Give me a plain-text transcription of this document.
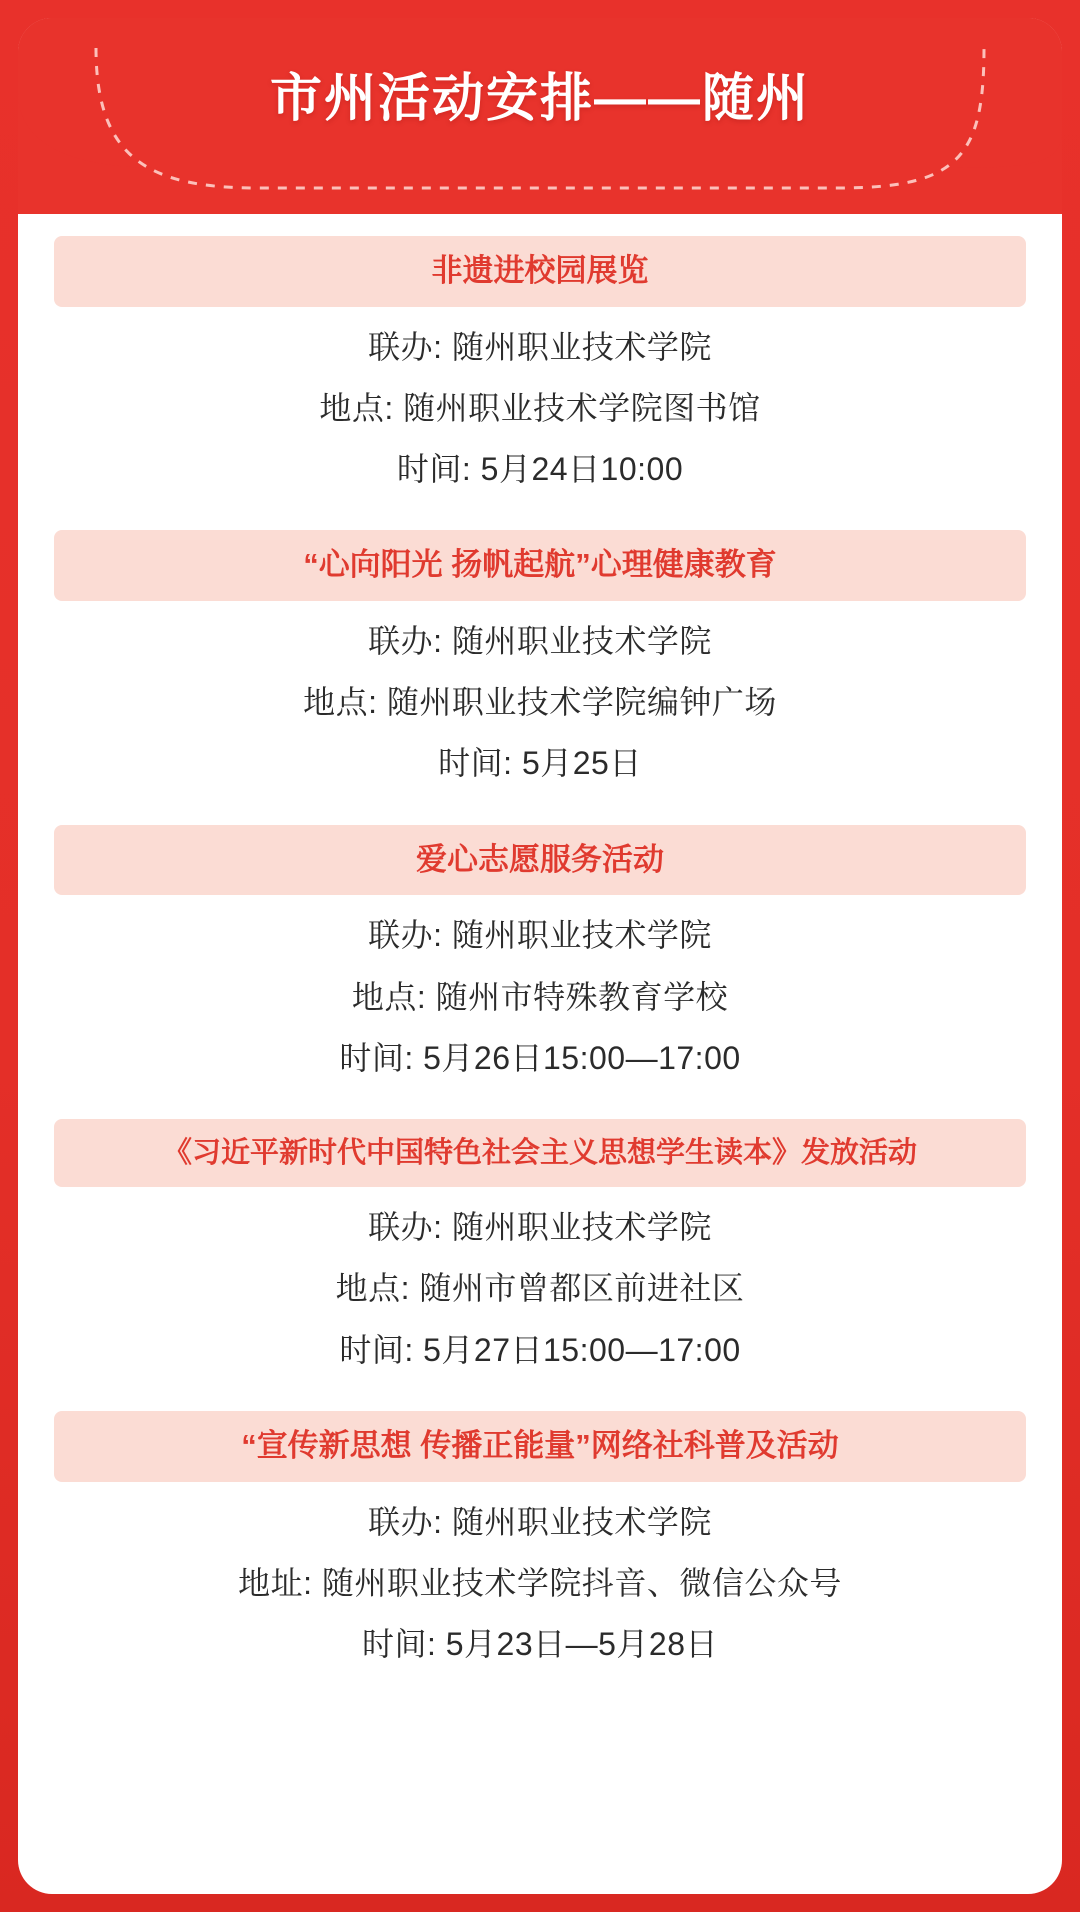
市州活动安排——随州
非遗进校园展览
联办: 随州职业技术学院
地点: 随州职业技术学院图书馆
时间: 5月24日10:00
“心向阳光 扬帆起航”心理健康教育
联办: 随州职业技术学院
地点: 随州职业技术学院编钟广场
时间: 5月25日
爱心志愿服务活动
联办: 随州职业技术学院
地点: 随州市特殊教育学校
时间: 5月26日15:00—17:00
《习近平新时代中国特色社会主义思想学生读本》发放活动
联办: 随州职业技术学院
地点: 随州市曾都区前进社区
时间: 5月27日15:00—17:00
“宣传新思想 传播正能量”网络社科普及活动
联办: 随州职业技术学院
地址: 随州职业技术学院抖音、微信公众号
时间: 5月23日—5月28日
